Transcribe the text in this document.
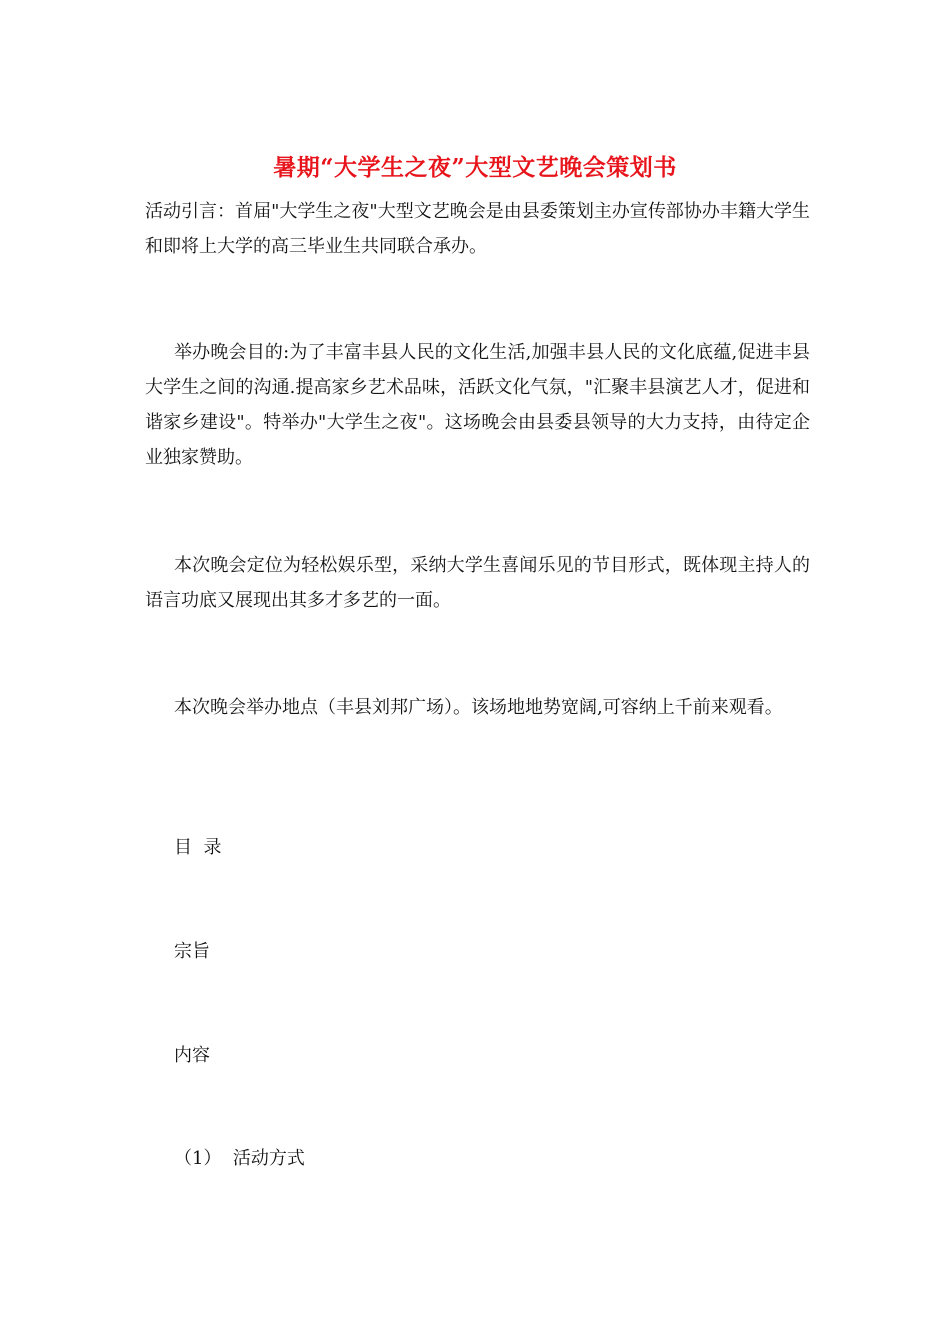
暑期“大学生之夜”大型文艺晚会策划书

活动引言：首届"大学生之夜"大型文艺晚会是由县委策划主办宣传部协办丰籍大学生和即将上大学的高三毕业生共同联合承办。

举办晚会目的:为了丰富丰县人民的文化生活,加强丰县人民的文化底蕴,促进丰县大学生之间的沟通.提高家乡艺术品味，活跃文化气氛，"汇聚丰县演艺人才，促进和谐家乡建设"。特举办"大学生之夜"。这场晚会由县委县领导的大力支持，由待定企业独家赞助。

本次晚会定位为轻松娱乐型，采纳大学生喜闻乐见的节目形式，既体现主持人的语言功底又展现出其多才多艺的一面。

本次晚会举办地点（丰县刘邦广场）。该场地地势宽阔,可容纳上千前来观看。

目  录
宗旨
内容
（1）  活动方式
